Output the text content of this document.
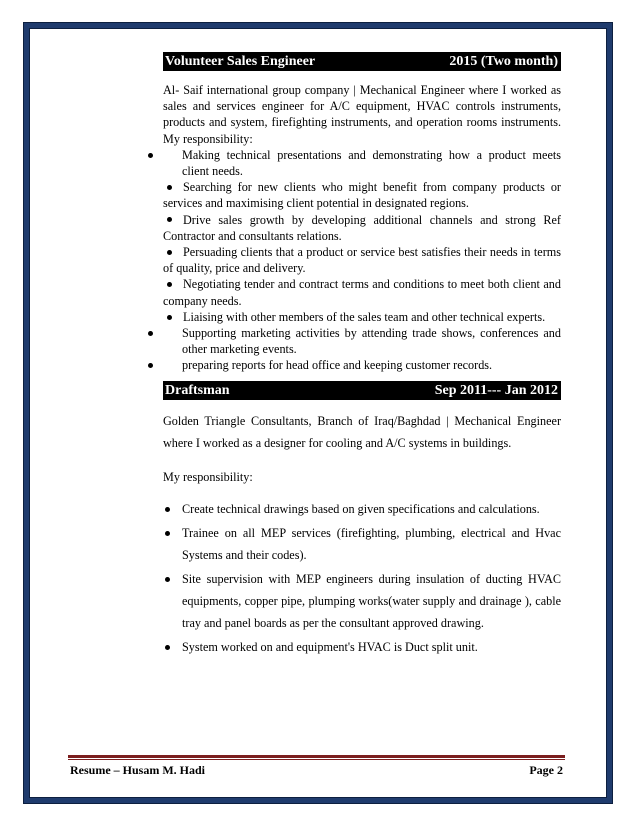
Volunteer Sales Engineer	2015 (Two month)

Al- Saif international group company | Mechanical Engineer where I worked as sales and services engineer for A/C equipment, HVAC controls instruments, products and system, firefighting instruments, and operation rooms instruments. My responsibility:

Making technical presentations and demonstrating how a product meets client needs.
Searching for new clients who might benefit from company products or services and maximising client potential in designated regions.
Drive sales growth by developing additional channels and strong Ref Contractor and consultants relations.
Persuading clients that a product or service best satisfies their needs in terms of quality, price and delivery.
Negotiating tender and contract terms and conditions to meet both client and company needs.
Liaising with other members of the sales team and other technical experts.
Supporting marketing activities by attending trade shows, conferences and other marketing events.
preparing reports for head office and keeping customer records.
Draftsman	Sep 2011--- Jan 2012

Golden Triangle Consultants, Branch of Iraq/Baghdad | Mechanical Engineer where I worked as a designer for cooling and A/C systems in buildings.

My responsibility:

Create technical drawings based on given specifications and calculations.
Trainee on all MEP services (firefighting, plumbing, electrical and Hvac Systems and their codes).
Site supervision with MEP engineers during insulation of ducting HVAC equipments, copper pipe, plumping works(water supply and drainage ), cable tray and panel boards as per the consultant approved drawing.
System worked on and equipment's HVAC is Duct split unit.
Resume – Husam M. Hadi	Page 2
